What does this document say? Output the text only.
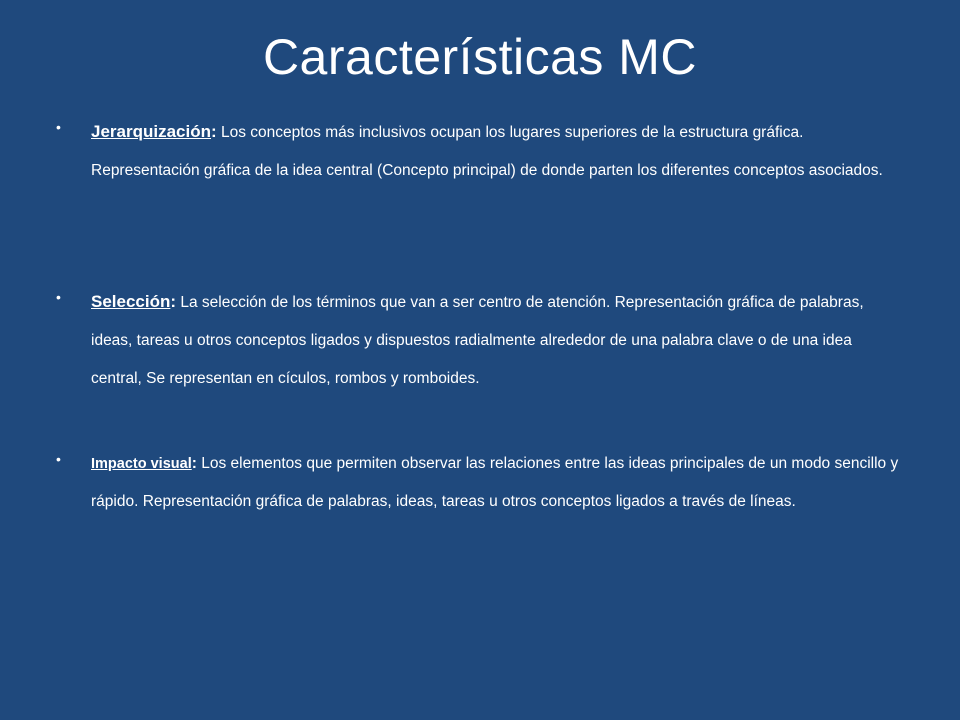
Características MC
• Jerarquización: Los conceptos más inclusivos ocupan los lugares superiores de la estructura gráfica. Representación gráfica de la idea central (Concepto principal) de donde parten los diferentes conceptos asociados.
• Selección: La selección de los términos que van a ser centro de atención. Representación gráfica de palabras, ideas, tareas u otros conceptos ligados y dispuestos radialmente alrededor de una palabra clave o de una idea central, Se representan en cículos, rombos y romboides.
• Impacto visual: Los elementos que permiten observar las relaciones entre las ideas principales de un modo sencillo y rápido. Representación gráfica de palabras, ideas, tareas u otros conceptos ligados a través de líneas.
